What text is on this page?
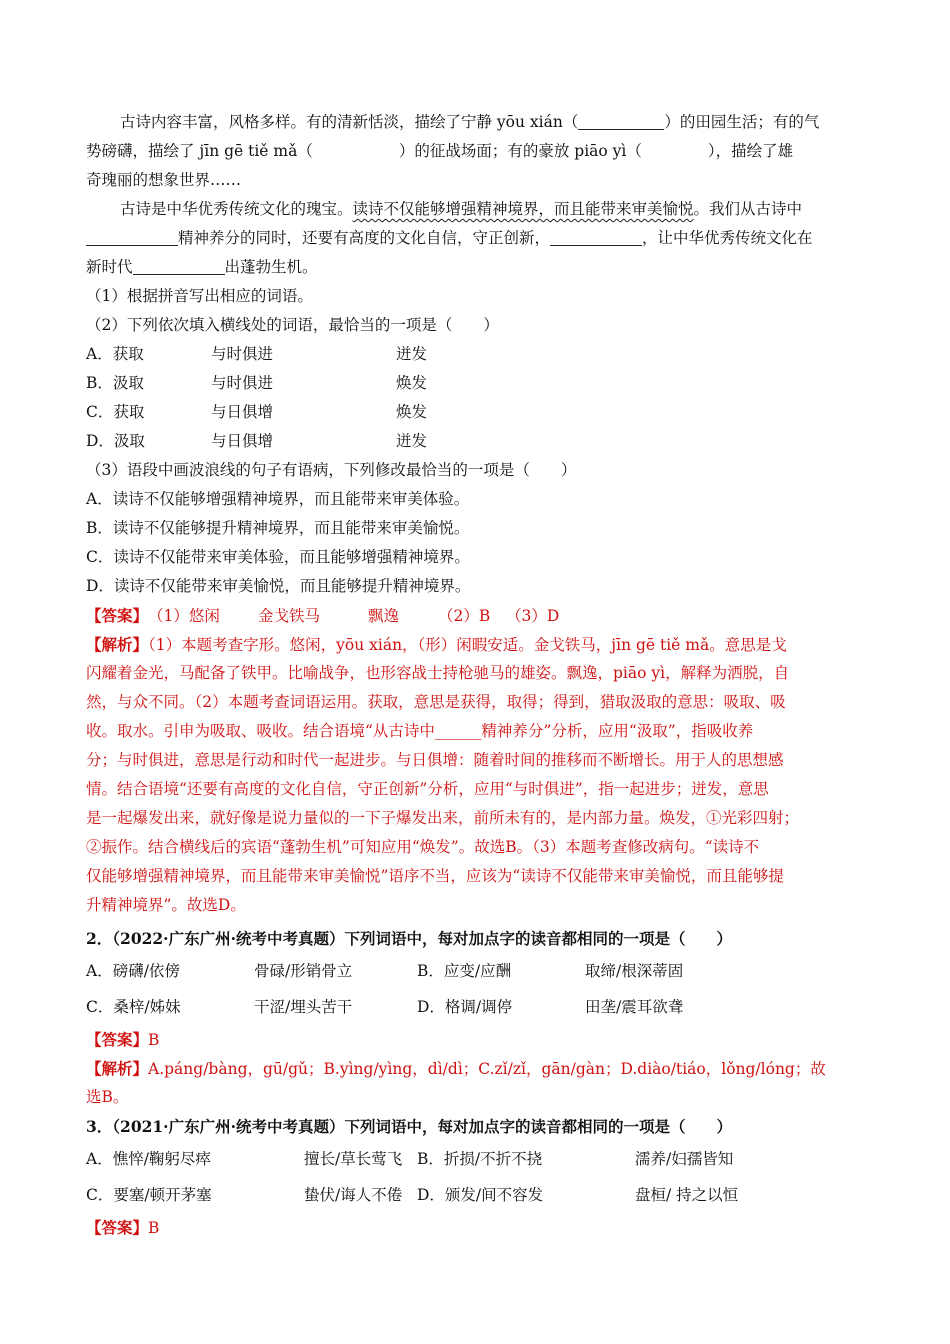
古诗内容丰富，风格多样。有的清新恬淡，描绘了宁静 yōu xián（	）的田园生活；有的气
势磅礴，描绘了 jīn gē tiě mǎ（	）的征战场面；有的豪放 piāo yì（	），描绘了雄
奇瑰丽的想象世界……
古诗是中华优秀传统文化的瑰宝。读诗不仅能够增强精神境界，而且能带来审美愉悦。我们从古诗中
精神养分的同时，还要有高度的文化自信，守正创新，	，让中华优秀传统文化在
新时代	出蓬勃生机。
（1）根据拼音写出相应的词语。
（2）下列依次填入横线处的词语，最恰当的一项是（　　）
A．获取	与时俱进	迸发
B．汲取	与时俱进	焕发
C．获取	与日俱增	焕发
D．汲取	与日俱增	迸发
（3）语段中画波浪线的句子有语病，下列修改最恰当的一项是（　　）
A．读诗不仅能够增强精神境界，而且能带来审美体验。
B．读诗不仅能够提升精神境界，而且能带来审美愉悦。
C．读诗不仅能带来审美体验，而且能够增强精神境界。
D．读诗不仅能带来审美愉悦，而且能够提升精神境界。
【答案】（1）悠闲 金戈铁马	飘逸	（2）B （3）D
【解析】（1）本题考查字形。悠闲，yōu xián，（形）闲暇安适。金戈铁马，jīn gē tiě mǎ。意思是戈
闪耀着金光，马配备了铁甲。比喻战争，也形容战士持枪驰马的雄姿。飘逸，piāo yì，解释为洒脱，自
然，与众不同。（2）本题考查词语运用。获取，意思是获得，取得；得到，猎取汲取的意思：吸取、吸
收。取水。引申为吸取、吸收。结合语境“从古诗中______精神养分”分析，应用“汲取”，指吸收养
分；与时俱进，意思是行动和时代一起进步。与日俱增：随着时间的推移而不断增长。用于人的思想感
情。结合语境“还要有高度的文化自信，守正创新”分析，应用“与时俱进”，指一起进步；迸发，意思
是一起爆发出来，就好像是说力量似的一下子爆发出来，前所未有的，是内部力量。焕发，①光彩四射；
②振作。结合横线后的宾语“蓬勃生机”可知应用“焕发”。故选B。（3）本题考查修改病句。“读诗不
仅能够增强精神境界，而且能带来审美愉悦”语序不当，应该为“读诗不仅能带来审美愉悦，而且能够提
升精神境界”。故选D。
2．（2022·广东广州·统考中考真题）下列词语中，每对加点字的读音都相同的一项是（　　）
A．磅礴/依傍	骨碌/形销骨立	B．应变/应酬	取缔/根深蒂固
C．桑梓/姊妹	干涩/埋头苦干	D．格调/调停	田垄/震耳欲聋
【答案】B
【解析】A.páng/bàng，gū/gǔ；B.yìng/yìng，dì/dì；C.zǐ/zǐ，gān/gàn；D.diào/tiáo，lǒng/lóng；故
选B。
3．（2021·广东广州·统考中考真题）下列词语中，每对加点字的读音都相同的一项是（　　）
A．憔悴/鞠躬尽瘁	擅长/草长莺飞 B．折损/不折不挠	濡养/妇孺皆知
C．要塞/顿开茅塞	蛰伏/诲人不倦 D．颁发/间不容发	盘桓/ 持之以恒
【答案】B
